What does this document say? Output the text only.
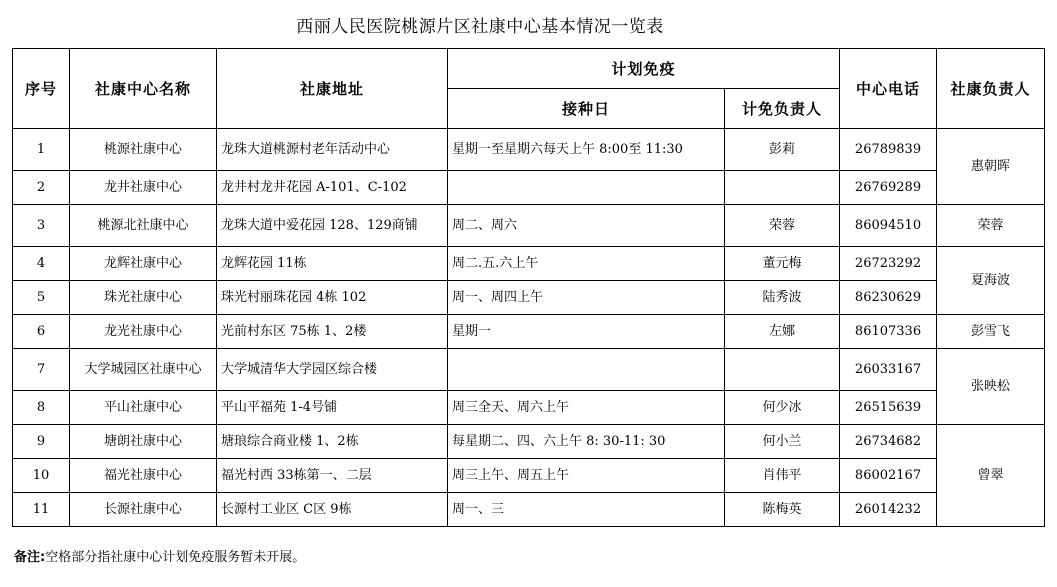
西丽人民医院桃源片区社康中心基本情况一览表
序号	社康中心名称	社康地址	计划免疫		中心电话	社康负责人
			接种日	计免负责人		
1	桃源社康中心	龙珠大道桃源村老年活动中心	星期一至星期六每天上午 8:00至 11:30	彭莉	26789839	惠朝晖
2	龙井社康中心	龙井村龙井花园 A-101、C-102			26769289	
3	桃源北社康中心	龙珠大道中爱花园 128、129商铺	周二、周六	荣蓉	86094510	荣蓉
4	龙辉社康中心	龙辉花园 11栋	周二.五.六上午	董元梅	26723292	夏海波
5	珠光社康中心	珠光村丽珠花园 4栋 102	周一、周四上午	陆秀波	86230629	
6	龙光社康中心	光前村东区 75栋 1、2楼	星期一	左娜	86107336	彭雪飞
7	大学城园区社康中心	大学城清华大学园区综合楼			26033167	张映松
8	平山社康中心	平山平福苑 1-4号铺	周三全天、周六上午	何少冰	26515639	
9	塘朗社康中心	塘琅综合商业楼 1、2栋	每星期二、四、六上午 8: 30-11: 30	何小兰	26734682	曾翠
10	福光社康中心	福光村西 33栋第一、二层	周三上午、周五上午	肖伟平	86002167	
11	长源社康中心	长源村工业区 C区 9栋	周一、三	陈梅英	26014232	
备注:空格部分指社康中心计划免疫服务暂未开展。
